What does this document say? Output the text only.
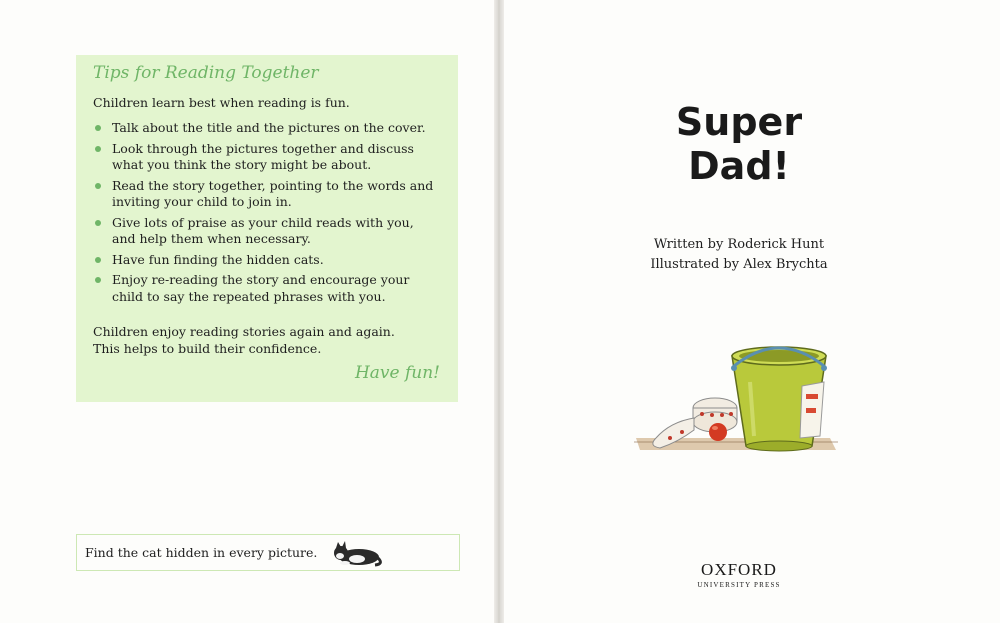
Tips for Reading Together

Children learn best when reading is fun.

Talk about the title and the pictures on the cover.
Look through the pictures together and discuss what you think the story might be about.
Read the story together, pointing to the words and inviting your child to join in.
Give lots of praise as your child reads with you, and help them when necessary.
Have fun finding the hidden cats.
Enjoy re-reading the story and encourage your child to say the repeated phrases with you.

Children enjoy reading stories again and again.
This helps to build their confidence.

Have fun!

Find the cat hidden in every picture.
Super
Dad!
Written by Roderick Hunt
Illustrated by Alex Brychta
OXFORD
UNIVERSITY PRESS
